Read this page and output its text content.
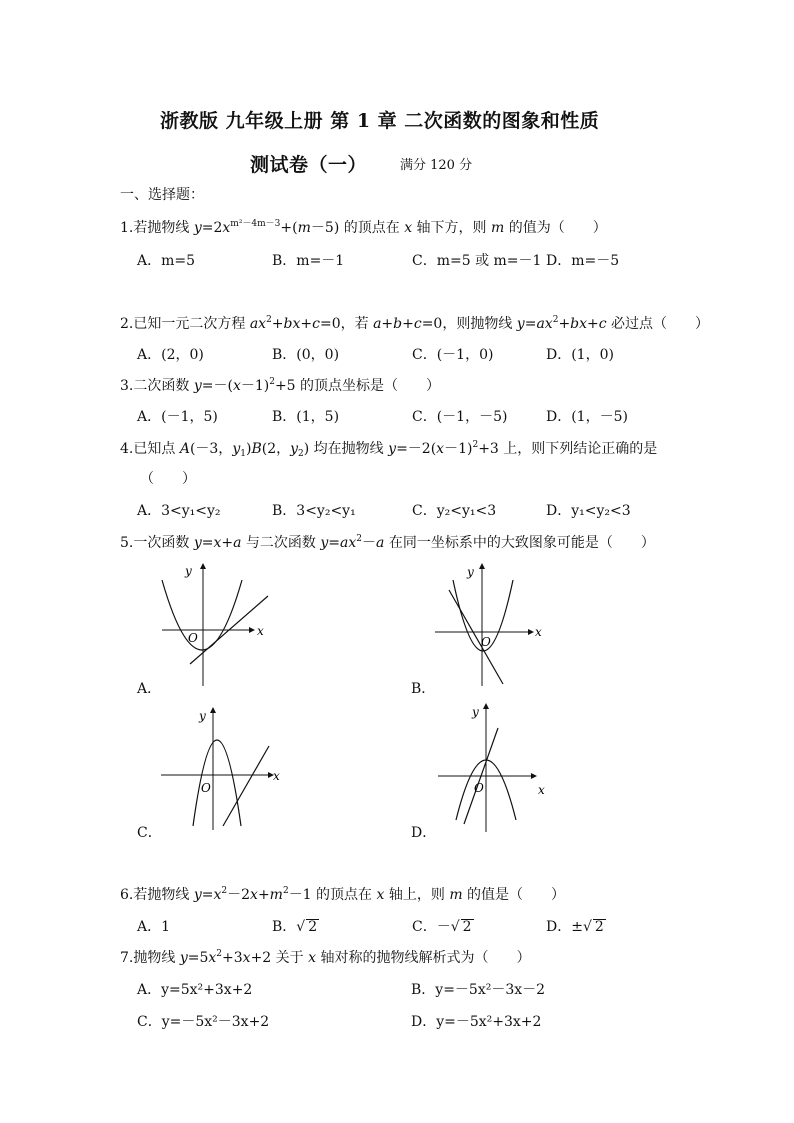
浙教版 九年级上册 第 1 章 二次函数的图象和性质
测试卷（一）	满分 120 分
一、选择题：
1.若抛物线 $y=2x^{m^2-4m-3}+(m-5)$ 的顶点在 x 轴下方，则 m 的值为（　　）
A．m=5	B．m=－1	C．m=5 或 m=－1 D．m=－5
2.已知一元二次方程 $ax^2+bx+c=0$，若 a+b+c=0，则抛物线 $y=ax^2+bx+c$ 必过点（　　）
A．(2，0)	B．(0，0)	C．(－1，0)	D．(1，0)
3.二次函数 $y=-(x-1)^2+5$ 的顶点坐标是（　　）
A．(－1，5)	B．(1，5)	C．(－1，－5)	D．(1，－5)
4.已知点 A(－3，$y_1)B(2$，$y_2$) 均在抛物线 $y=-2(x-1)^2+3$ 上，则下列结论正确的是
（　　）
A．3<y₁<y₂	B．3<y₂<y₁	C．y₂<y₁<3	D．y₁<y₂<3
5.一次函数 y=x+a 与二次函数 $y=ax^2-a$ 在同一坐标系中的大致图象可能是（　　）
x
y
O
A．
x
y
O
B．
x
y
O
C．
x
y
O
D．
6.若抛物线 $y=x^2-2x+m^2-1$ 的顶点在 x 轴上，则 m 的值是（　　）
A．1	B．√ 2	C．－√ 2	D．±√ 2
7.抛物线 $y=5x^2+3x+2$ 关于 x 轴对称的抛物线解析式为（　　）
A．y=5x²+3x+2	B．y=－5x²－3x－2
C．y=－5x²－3x+2	D．y=－5x²+3x+2
